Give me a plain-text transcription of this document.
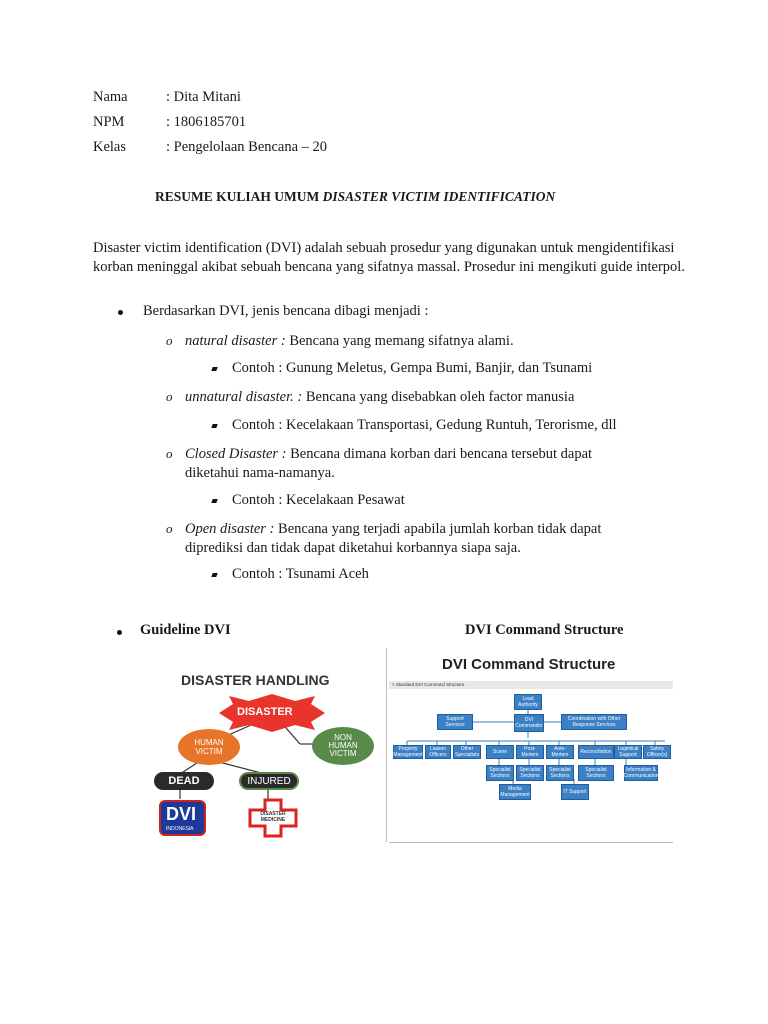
Nama	: Dita Mitani
NPM	: 1806185701
Kelas	: Pengelolaan Bencana – 20
RESUME KULIAH UMUM DISASTER VICTIM IDENTIFICATION
Disaster victim identification (DVI) adalah sebuah prosedur yang digunakan untuk mengidentifikasi korban meninggal akibat sebuah bencana yang sifatnya massal. Prosedur ini mengikuti guide interpol.
Berdasarkan DVI, jenis bencana dibagi menjadi :
o natural disaster : Bencana yang memang sifatnya alami.
Contoh : Gunung Meletus, Gempa Bumi, Banjir, dan Tsunami
o unnatural disaster. : Bencana yang disebabkan oleh factor manusia
Contoh : Kecelakaan Transportasi, Gedung Runtuh, Terorisme, dll
o Closed Disaster : Bencana dimana korban dari bencana tersebut dapat diketahui nama-namanya.
Contoh : Kecelakaan Pesawat
o Open disaster : Bencana yang terjadi apabila jumlah korban tidak dapat diprediksi dan tidak dapat diketahui korbannya siapa saja.
Contoh : Tsunami Aceh
Guideline DVI	DVI Command Structure
DISASTER HANDLING
DISASTER
HUMAN VICTIM
NON HUMAN VICTIM
DEAD	INJURED
DVI
INDONESIA
DISASTER MEDICINE
DVI Command Structure
> Standard DVI Command Structure
Lead Authority
Support Services
DVI Commander
Coordination with Other Response Services
Property Management
Liaison Officers
Other Specialists	Scene	Post-Mortem
Ante-Mortem	Reconciliation	Logistical Support
Safety Officer(s)
Specialist Sections
Specialist Sections
Specialist Sections
Specialist Sections
Information & Communication
Media Management	IT Support
